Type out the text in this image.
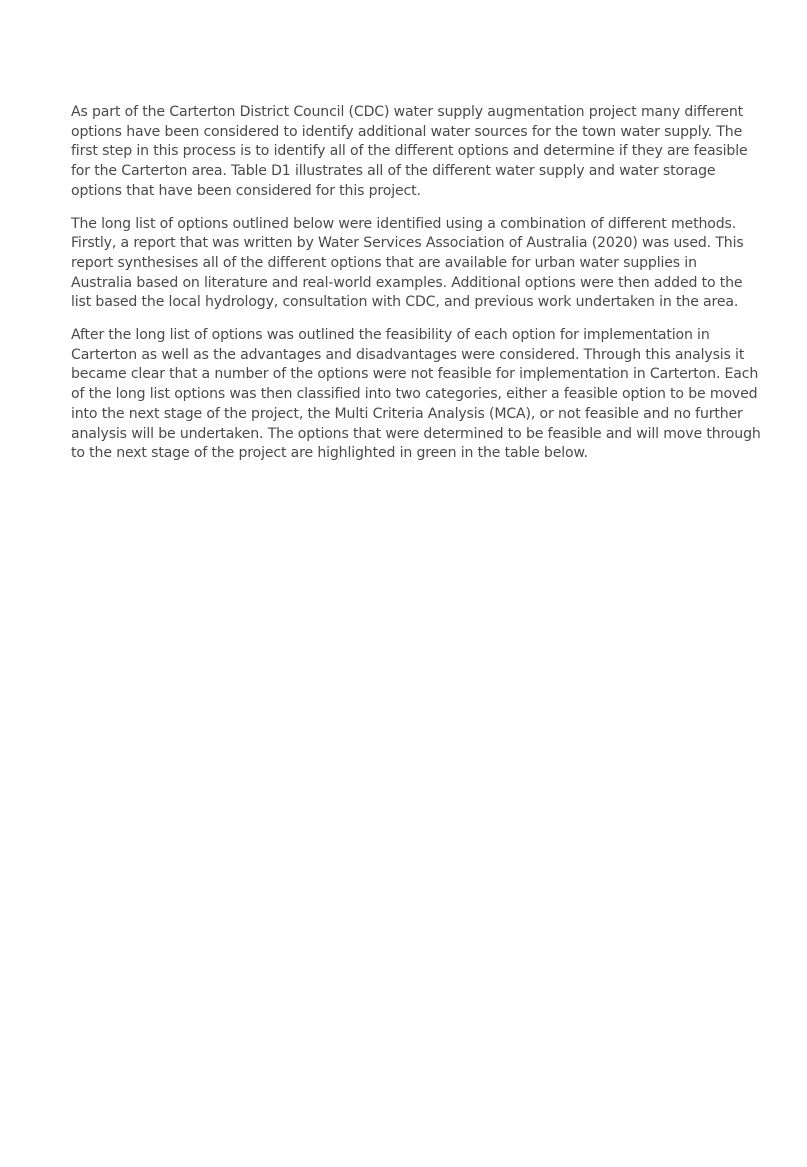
As part of the Carterton District Council (CDC) water supply augmentation project many different options have been considered to identify additional water sources for the town water supply. The first step in this process is to identify all of the different options and determine if they are feasible for the Carterton area. Table D1 illustrates all of the different water supply and water storage options that have been considered for this project.

The long list of options outlined below were identified using a combination of different methods. Firstly, a report that was written by Water Services Association of Australia (2020) was used. This report synthesises all of the different options that are available for urban water supplies in Australia based on literature and real-world examples. Additional options were then added to the list based the local hydrology, consultation with CDC, and previous work undertaken in the area.

After the long list of options was outlined the feasibility of each option for implementation in Carterton as well as the advantages and disadvantages were considered. Through this analysis it became clear that a number of the options were not feasible for implementation in Carterton. Each of the long list options was then classified into two categories, either a feasible option to be moved into the next stage of the project, the Multi Criteria Analysis (MCA), or not feasible and no further analysis will be undertaken. The options that were determined to be feasible and will move through to the next stage of the project are highlighted in green in the table below.
